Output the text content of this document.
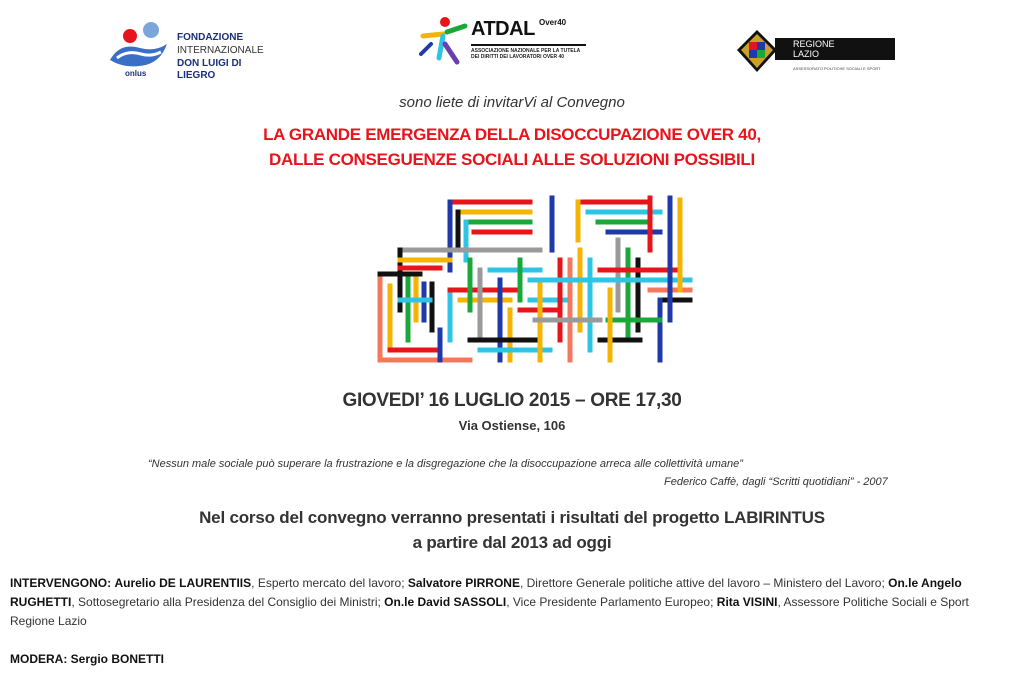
FONDAZIONE
INTERNAZIONALE
DON LUIGI DI LIEGRO
onlus
ATDAL Over40
ASSOCIAZIONE NAZIONALE PER LA TUTELA DEI DIRITTI DEI LAVORATORI OVER 40
REGIONE LAZIO
ASSESSORATO POLITICHE SOCIALI E SPORT
sono liete di invitarVi al Convegno
LA GRANDE EMERGENZA DELLA DISOCCUPAZIONE OVER 40,
DALLE CONSEGUENZE SOCIALI ALLE SOLUZIONI POSSIBILI
GIOVEDI’ 16 LUGLIO 2015 – ORE 17,30
Via Ostiense, 106
“Nessun male sociale può superare la frustrazione e la disgregazione che la disoccupazione arreca alle collettività umane”
Federico Caffè, dagli “Scritti quotidiani” - 2007
Nel corso del convegno verranno presentati i risultati del progetto LABIRINTUS
a partire dal 2013 ad oggi
INTERVENGONO: Aurelio DE LAURENTIIS, Esperto mercato del lavoro; Salvatore PIRRONE, Direttore Generale politiche attive del lavoro – Ministero del Lavoro; On.le Angelo RUGHETTI, Sottosegretario alla Presidenza del Consiglio dei Ministri; On.le David SASSOLI, Vice Presidente Parlamento Europeo; Rita VISINI, Assessore Politiche Sociali e Sport Regione Lazio
MODERA: Sergio BONETTI
